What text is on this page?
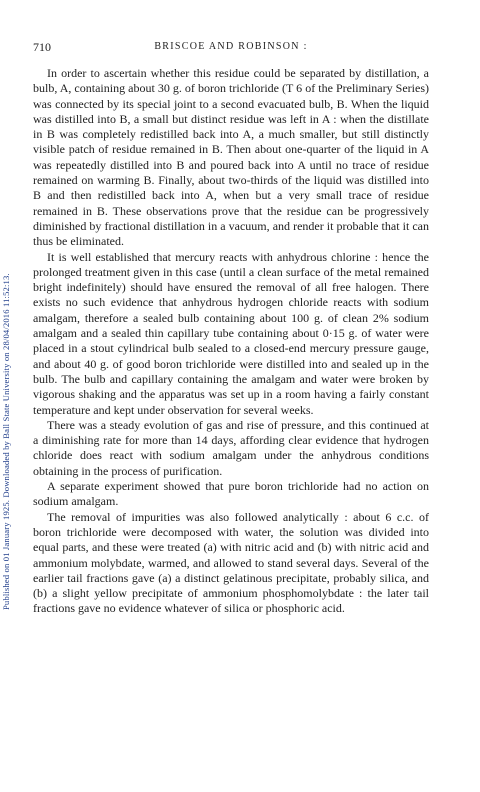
Published on 01 January 1925. Downloaded by Ball State University on 28/04/2016 11:52:13.
710	BRISCOE AND ROBINSON :

In order to ascertain whether this residue could be separated by distillation, a bulb, A, containing about 30 g. of boron trichloride (T 6 of the Preliminary Series) was connected by its special joint to a second evacuated bulb, B. When the liquid was distilled into B, a small but distinct residue was left in A : when the distillate in B was completely redistilled back into A, a much smaller, but still distinctly visible patch of residue remained in B. Then about one-quarter of the liquid in A was repeatedly distilled into B and poured back into A until no trace of residue remained on warming B. Finally, about two-thirds of the liquid was distilled into B and then redistilled back into A, when but a very small trace of residue remained in B. These observations prove that the residue can be progressively diminished by fractional distillation in a vacuum, and render it probable that it can thus be eliminated.

It is well established that mercury reacts with anhydrous chlorine : hence the prolonged treatment given in this case (until a clean surface of the metal remained bright indefinitely) should have ensured the removal of all free halogen. There exists no such evidence that anhydrous hydrogen chloride reacts with sodium amalgam, therefore a sealed bulb containing about 100 g. of clean 2% sodium amalgam and a sealed thin capillary tube containing about 0·15 g. of water were placed in a stout cylindrical bulb sealed to a closed-end mercury pressure gauge, and about 40 g. of good boron trichloride were distilled into and sealed up in the bulb. The bulb and capillary containing the amalgam and water were broken by vigorous shaking and the apparatus was set up in a room having a fairly constant temperature and kept under observation for several weeks.

There was a steady evolution of gas and rise of pressure, and this continued at a diminishing rate for more than 14 days, affording clear evidence that hydrogen chloride does react with sodium amalgam under the anhydrous conditions obtaining in the process of purification.

A separate experiment showed that pure boron trichloride had no action on sodium amalgam.

The removal of impurities was also followed analytically : about 6 c.c. of boron trichloride were decomposed with water, the solution was divided into equal parts, and these were treated (a) with nitric acid and (b) with nitric acid and ammonium molybdate, warmed, and allowed to stand several days. Several of the earlier tail fractions gave (a) a distinct gelatinous precipitate, probably silica, and (b) a slight yellow precipitate of ammonium phosphomolybdate : the later tail fractions gave no evidence whatever of silica or phosphoric acid.
